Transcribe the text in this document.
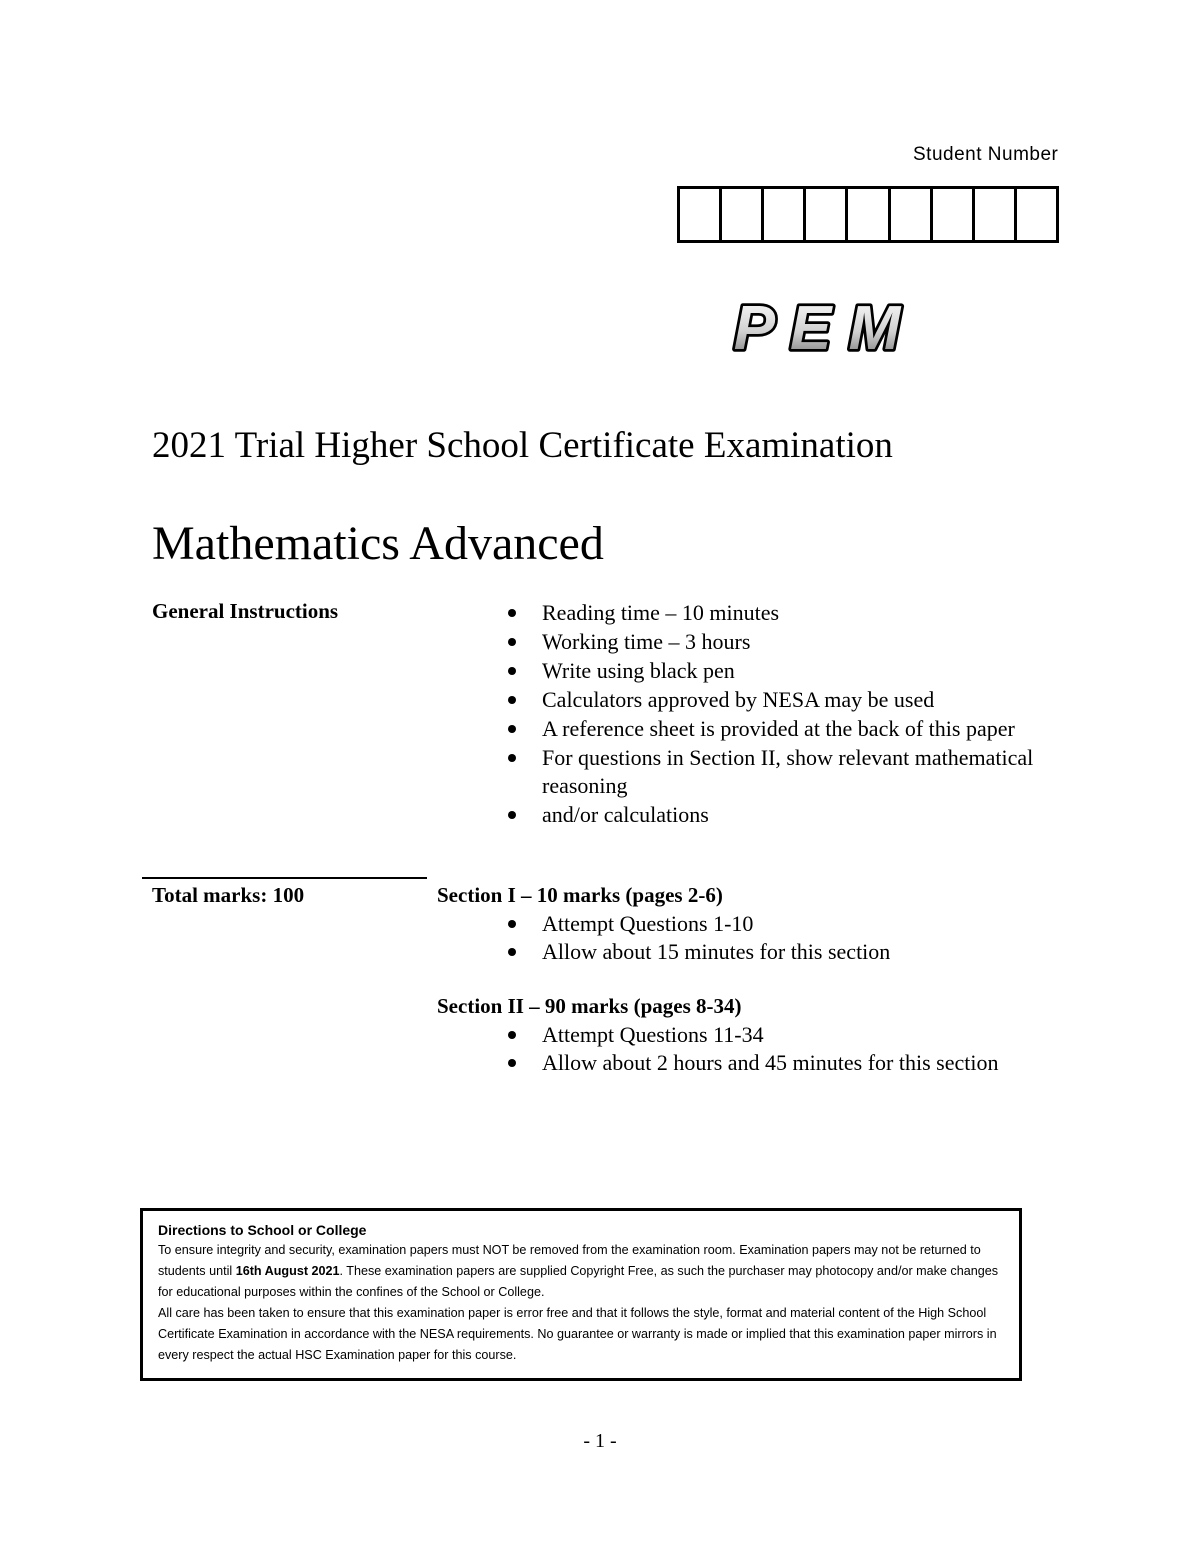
Student Number
P E M
2021 Trial Higher School Certificate Examination
Mathematics Advanced
General Instructions	Reading time – 10 minutes
Working time – 3 hours
Write using black pen
Calculators approved by NESA may be used
A reference sheet is provided at the back of this paper
For questions in Section II, show relevant mathematical reasoning
and/or calculations
Total marks: 100	Section I – 10 marks (pages 2-6)
Attempt Questions 1-10
Allow about 15 minutes for this section
Section II – 90 marks (pages 8-34)
Attempt Questions 11-34
Allow about 2 hours and 45 minutes for this section
Directions to School or College

To ensure integrity and security, examination papers must NOT be removed from the examination room. Examination papers may not be returned to students until 16th August 2021. These examination papers are supplied Copyright Free, as such the purchaser may photocopy and/or make changes for educational purposes within the confines of the School or College.

All care has been taken to ensure that this examination paper is error free and that it follows the style, format and material content of the High School Certificate Examination in accordance with the NESA requirements. No guarantee or warranty is made or implied that this examination paper mirrors in every respect the actual HSC Examination paper for this course.

- 1 -
